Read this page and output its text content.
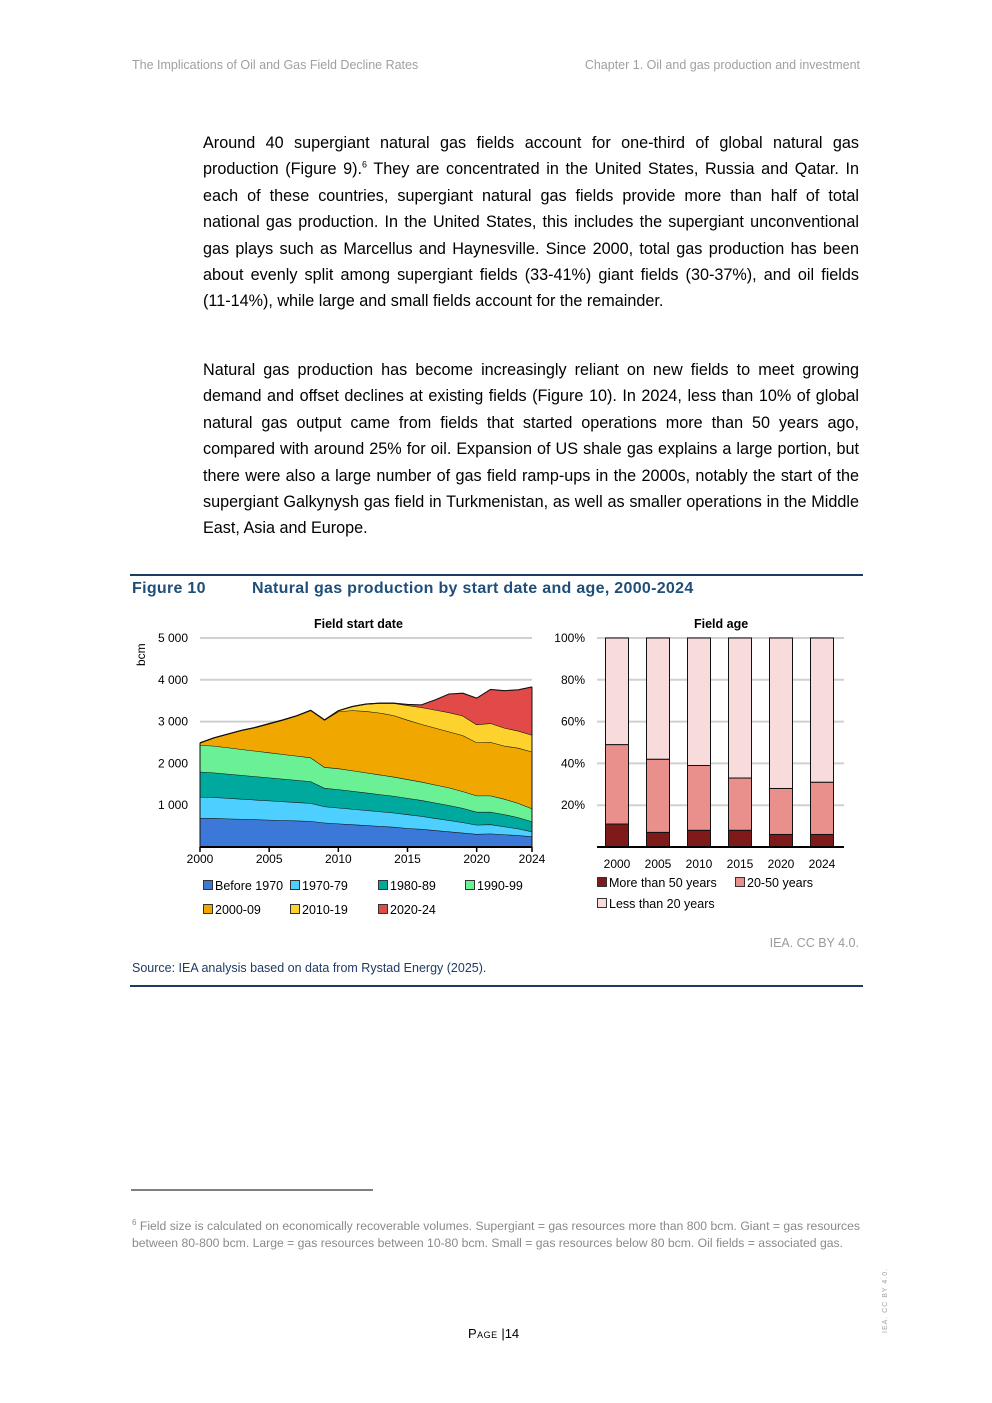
The Implications of Oil and Gas Field Decline Rates	Chapter 1. Oil and gas production and investment
Around 40 supergiant natural gas fields account for one-third of global natural gas production (Figure 9).$^6$ They are concentrated in the United States, Russia and Qatar. In each of these countries, supergiant natural gas fields provide more than half of total national gas production. In the United States, this includes the supergiant unconventional gas plays such as Marcellus and Haynesville. Since 2000, total gas production has been about evenly split among supergiant fields (33-41%) giant fields (30-37%), and oil fields (11-14%), while large and small fields account for the remainder.
Natural gas production has become increasingly reliant on new fields to meet growing demand and offset declines at existing fields (Figure 10). In 2024, less than 10% of global natural gas output came from fields that started operations more than 50 years ago, compared with around 25% for oil. Expansion of US shale gas explains a large portion, but there were also a large number of gas field ramp-ups in the 2000s, notably the start of the supergiant Galkynysh gas field in Turkmenistan, as well as smaller operations in the Middle East, Asia and Europe.
Figure 10	Natural gas production by start date and age, 2000-2024
Field start date
1 000
2 000
3 000
4 000
5 000
bcm
2000	2005	2010	2015	2020 2024
Before 1970	1970-79	1980-89	1990-99
2000-09	2010-19	2020-24
Field age
20%
40%
60%
80%
100%
2000 2005 2010 2015 2020 2024
More than 50 years	20-50 years
Less than 20 years
IEA. CC BY 4.0.
Source: IEA analysis based on data from Rystad Energy (2025).
$^6$ Field size is calculated on economically recoverable volumes. Supergiant = gas resources more than 800 bcm. Giant = gas resources between 80-800 bcm. Large = gas resources between 10-80 bcm. Small = gas resources below 80 bcm. Oil fields = associated gas.
Page |14
IEA. CC BY 4.0.
